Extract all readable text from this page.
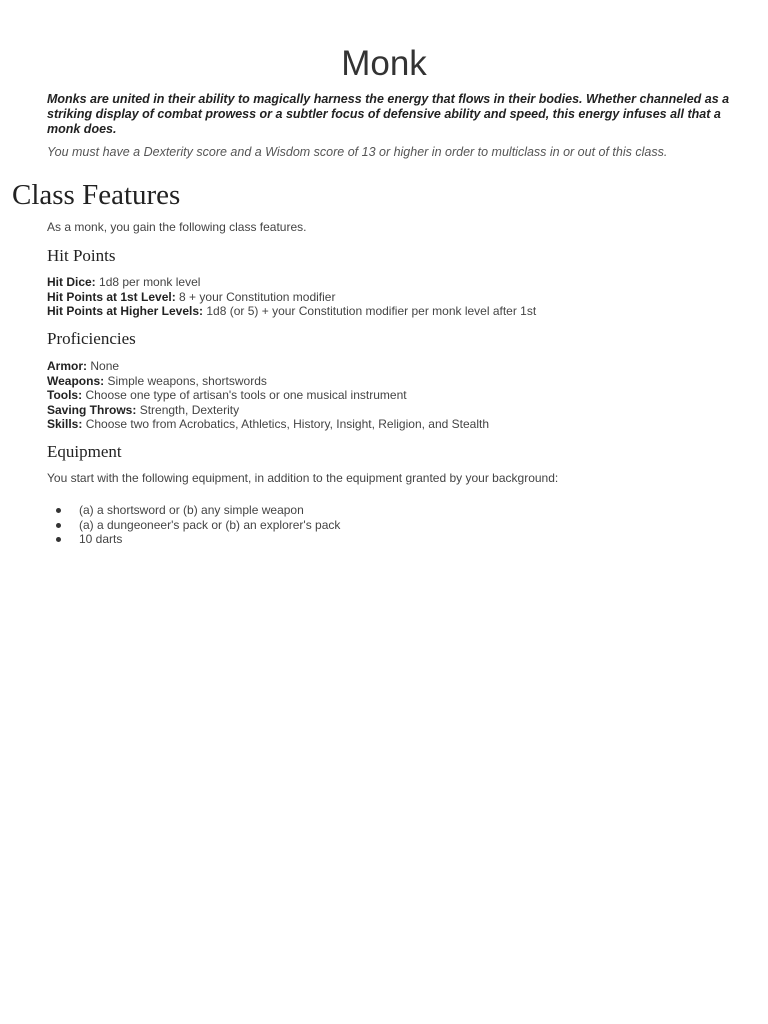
Monk

Monks are united in their ability to magically harness the energy that flows in their bodies. Whether channeled as a striking display of combat prowess or a subtler focus of defensive ability and speed, this energy infuses all that a monk does.

You must have a Dexterity score and a Wisdom score of 13 or higher in order to multiclass in or out of this class.

Class Features

As a monk, you gain the following class features.

Hit Points
Hit Dice: 1d8 per monk level
Hit Points at 1st Level: 8 + your Constitution modifier
Hit Points at Higher Levels: 1d8 (or 5) + your Constitution modifier per monk level after 1st
Proficiencies
Armor: None
Weapons: Simple weapons, shortswords
Tools: Choose one type of artisan's tools or one musical instrument
Saving Throws: Strength, Dexterity
Skills: Choose two from Acrobatics, Athletics, History, Insight, Religion, and Stealth
Equipment

You start with the following equipment, in addition to the equipment granted by your background:

(a) a shortsword or (b) any simple weapon
(a) a dungeoneer's pack or (b) an explorer's pack
10 darts
